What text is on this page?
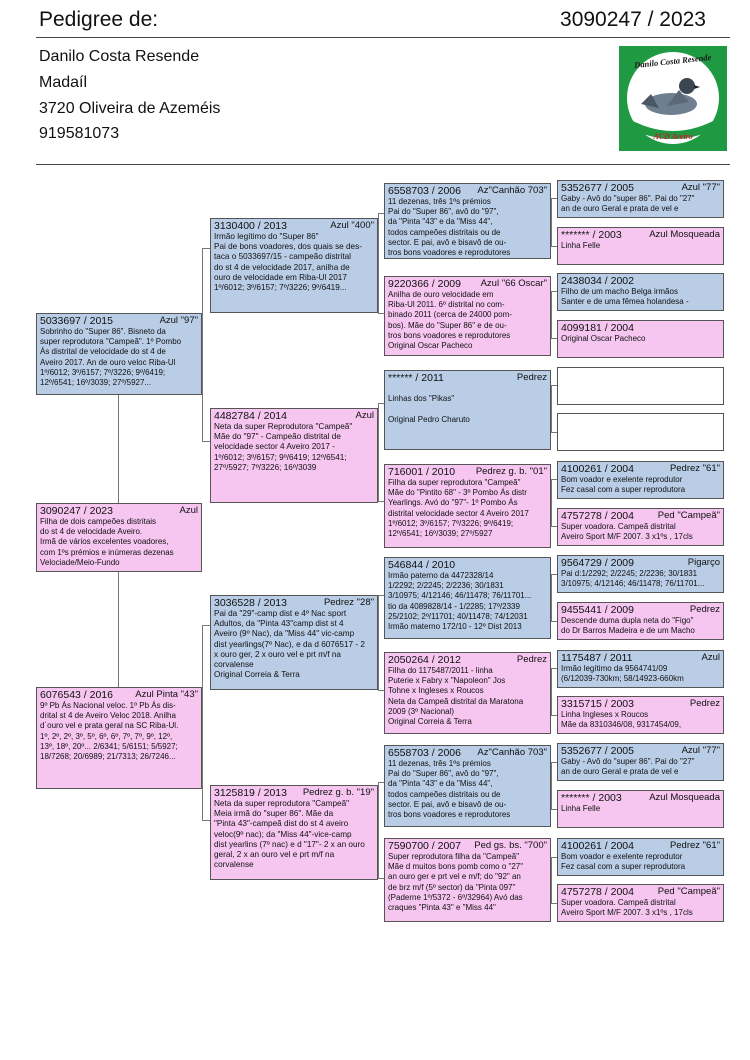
Pedigree de:	3090247 / 2023
Danilo Costa Resende
Madaíl
3720 Oliveira de Azeméis
919581073
Danilo Costa Resende
ACD Aveiro
3090247 / 2023	Azul
Filha de dois campeões distritais
do st 4 de velocidade Aveiro.
Irmã de vários excelentes voadores,
com 1ºs prémios e inúmeras dezenas
Velociade/Meio-Fundo
5033697 / 2015	Azul "97"
Sobrinho do "Super 86". Bisneto da
super reprodutora "Campeã". 1º Pombo
Ás distrital de velocidade do st 4 de
Aveiro 2017. An de ouro veloc Riba-Ul
1º/6012; 3º/6157; 7º/3226; 9º/6419;
12º/6541; 16º/3039; 27º/5927...
6076543 / 2016	Azul Pinta "43"
9º Pb Ás Nacional veloc. 1º Pb Ás dis-
drital st 4 de Aveiro Veloc 2018. Anilha
d´ouro vel e prata geral na SC Riba-Ul.
1º, 2º, 2º, 3º, 5º, 6º, 6º, 7º, 7º, 9º, 12º,
13º, 18º, 20º... 2/6341; 5/6151; 5/5927;
18/7268; 20/6989; 21/7313; 26/7246...
3130400 / 2013	Azul "400"
Irmão legítimo do "Super 86"
Pai de bons voadores, dos quais se des-
taca o 5033697/15 - campeão distrital
do st 4 de velocidade 2017, anilha de
ouro de velocidade em Riba-Ul 2017
1º/6012; 3º/6157; 7º/3226; 9º/6419...
4482784 / 2014	Azul
Neta da super Reprodutora "Campeã"
Mãe do "97" - Campeão distrital de
velocidade sector 4 Aveiro 2017 -
1º/6012; 3º/6157; 9º/6419; 12º/6541;
27º/5927; 7º/3226; 16º/3039
3036528 / 2013	Pedrez "28"
Pai da "29"-camp dist e 4º Nac sport
Adultos, da "Pinta 43"camp dist st 4
Aveiro (9º Nac), da "Miss 44" vic-camp
dist yearlings(7º Nac), e da d 6076517 - 2
x ouro ger, 2 x ouro vel e prt m/f na corvalense
Original Correia & Terra
3125819 / 2013	Pedrez g. b. "19"
Neta da super reprodutora "Campeã"
Meia irmã do "super 86". Mãe da
"Pinta 43"-campeã dist do st 4 aveiro
veloc(9º nac); da "Miss 44"-vice-camp
dist yearlins (7º nac) e d "17"- 2 x an ouro
geral, 2 x an ouro vel e prt m/f na corvalense
6558703 / 2006	Az"Canhão 703"
11 dezenas, três 1ºs prémios
Pai do "Super 86", avô do "97",
da "Pinta "43" e da "Miss 44",
todos campeões distritais ou de
sector. E pai, avô e bisavô de ou-
tros bons voadores e reprodutores
9220366 / 2009	Azul "66 Oscar"
Anilha de ouro velocidade em
Riba-Ul 2011. 6º distrital no com-
binado 2011 (cerca de 24000 pom-
bos). Mãe do "Super 86" e de ou-
tros bons voadores e reprodutores
Original Oscar Pacheco
****** / 2011	Pedrez

Linhas dos "Pikas"

Original Pedro Charuto
716001 / 2010	Pedrez g. b. "01"
Filha da super reprodutora "Campeã"
Mãe do "Pintito 68" - 3º Pombo Ás distr
Yearlings. Avó do "97"- 1º Pombo Ás
distrital velocidade sector 4 Aveiro 2017
1º/6012; 3º/6157; 7º/3226; 9º/6419;
12º/6541; 16º/3039; 27º/5927
546844 / 2010
Irmão paterno da 4472328/14
1/2292; 2/2245; 2/2236; 30/1831
3/10975; 4/12146; 46/11478; 76/11701...
tio da 4089828/14 - 1/2285; 17º/2339
25/2102; 2º/11701; 40/11478; 74/12031
Irmão materno 172/10 - 12º Dist 2013
2050264 / 2012	Pedrez
Filha do 1175487/2011 - linha
Puterie x Fabry x "Napoleon" Jos
Tohne x Ingleses x Roucos
Neta da Campeã distrital da Maratona
2009 (3º Nacional)
Original Correia & Terra
6558703 / 2006	Az"Canhão 703"
11 dezenas, três 1ºs prémios
Pai do "Super 86", avô do "97",
da "Pinta "43" e da "Miss 44",
todos campeões distritais ou de
sector. E pai, avô e bisavô de ou-
tros bons voadores e reprodutores
7590700 / 2007	Ped gs. bs. "700"
Super reprodutora filha da "Campeã"
Mãe d muitos bons pomb como o "27"
an ouro ger e prt vel e m/f; do "92" an
de brz m/f (5º sector) da "Pinta 097"
(Paderne 1º/5372 - 6º/32964) Avó das
craques "Pinta 43" e "Miss 44"
5352677 / 2005	Azul "77"
Gaby - Avô do "super 86". Pai do "27"
an de ouro Geral e prata de vel e
******* / 2003	Azul Mosqueada
Linha Felle
2438034 / 2002
Filho de um macho Belga irmãos
Santer e de uma fêmea holandesa -
4099181 / 2004
Original Oscar Pacheco
4100261 / 2004	Pedrez "61"
Bom voador e exelente reprodutor
Fez casal com a super reprodutora
4757278 / 2004	Ped "Campeã"
Super voadora. Campeã distrital
Aveiro Sport M/F 2007. 3 x1ºs , 17cls
9564729 / 2009	Pigarço
Pai d:1/2292; 2/2245; 2/2236; 30/1831
3/10975; 4/12146; 46/11478; 76/11701...
9455441 / 2009	Pedrez
Descende duma dupla neta do "Figo"
do Dr Barros Madeira e de um Macho
1175487 / 2011	Azul
Irmão legítimo da 9564741/09
(6/12039-730km; 58/14923-660km
3315715 / 2003	Pedrez
Linha Ingleses x Roucos
Mãe da 8310346/08, 9317454/09,
5352677 / 2005	Azul "77"
Gaby - Avô do "super 86". Pai do "27"
an de ouro Geral e prata de vel e
******* / 2003	Azul Mosqueada
Linha Felle
4100261 / 2004	Pedrez "61"
Bom voador e exelente reprodutor
Fez casal com a super reprodutora
4757278 / 2004	Ped "Campeã"
Super voadora. Campeã distrital
Aveiro Sport M/F 2007. 3 x1ºs , 17cls
